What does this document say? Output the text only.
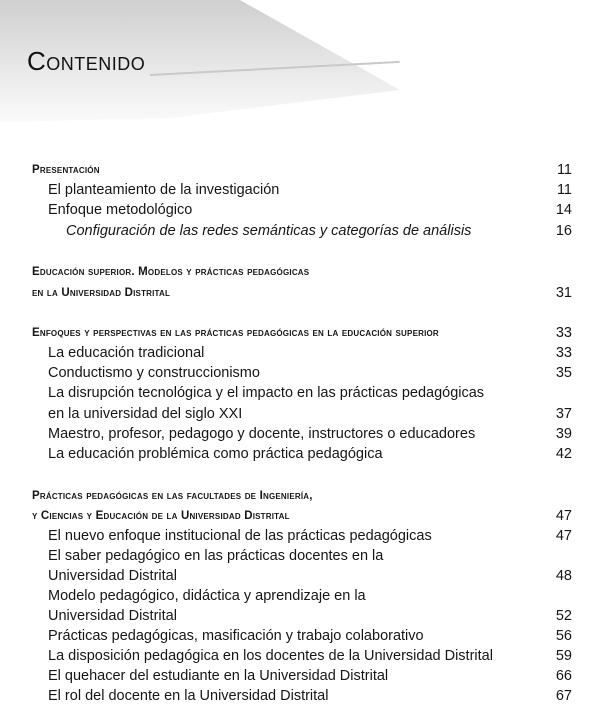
Contenido
Presentación	11
El planteamiento de la investigación	11
Enfoque metodológico	14
Configuración de las redes semánticas y categorías de análisis	16
Educación superior. Modelos y prácticas pedagógicas
en la Universidad Distrital	31
Enfoques y perspectivas en las prácticas pedagógicas en la educación superior	33
La educación tradicional	33
Conductismo y construccionismo	35
La disrupción tecnológica y el impacto en las prácticas pedagógicas
en la universidad del siglo XXI	37
Maestro, profesor, pedagogo y docente, instructores o educadores	39
La educación problémica como práctica pedagógica	42
Prácticas pedagógicas en las facultades de Ingeniería,
y Ciencias y Educación de la Universidad Distrital	47
El nuevo enfoque institucional de las prácticas pedagógicas	47
El saber pedagógico en las prácticas docentes en la
Universidad Distrital	48
Modelo pedagógico, didáctica y aprendizaje en la
Universidad Distrital	52
Prácticas pedagógicas, masificación y trabajo colaborativo	56
La disposición pedagógica en los docentes de la Universidad Distrital	59
El quehacer del estudiante en la Universidad Distrital	66
El rol del docente en la Universidad Distrital	67
